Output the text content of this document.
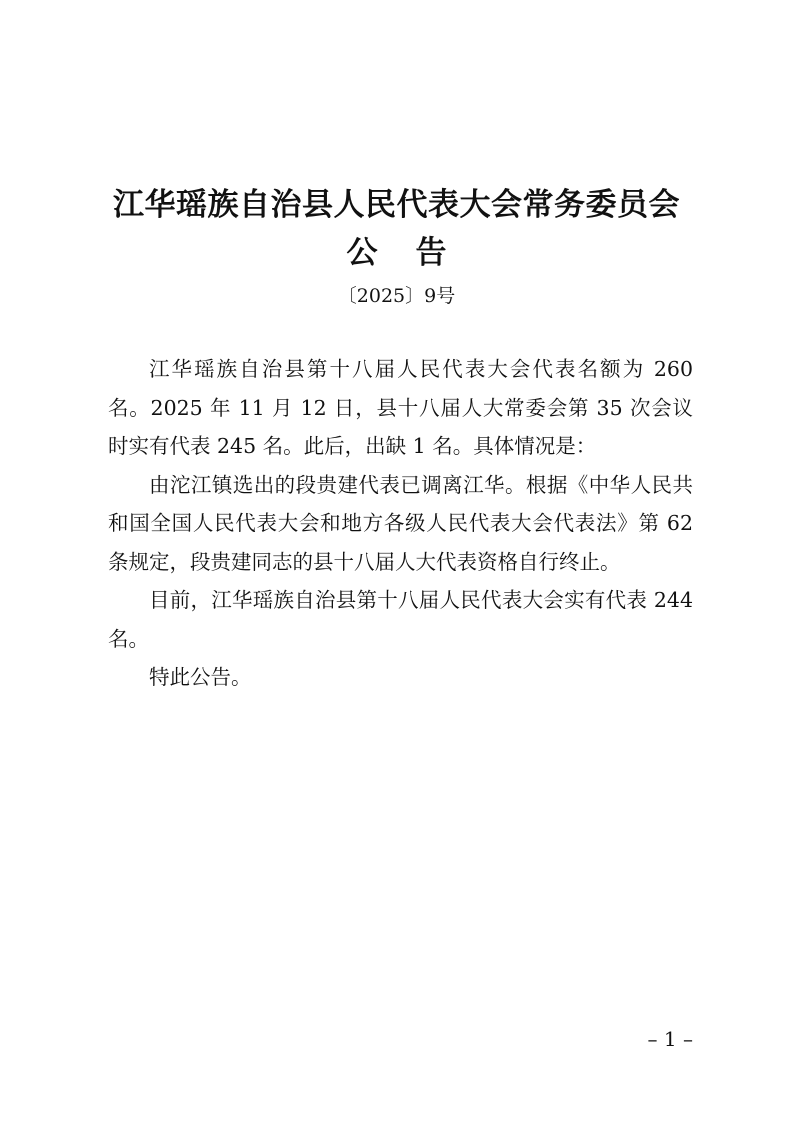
江华瑶族自治县人民代表大会常务委员会
公告
〔2025〕9号

江华瑶族自治县第十八届人民代表大会代表名额为 260 名。2025 年 11 月 12 日，县十八届人大常委会第 35 次会议时实有代表 245 名。此后，出缺 1 名。具体情况是：

由沱江镇选出的段贵建代表已调离江华。根据《中华人民共和国全国人民代表大会和地方各级人民代表大会代表法》第 62 条规定，段贵建同志的县十八届人大代表资格自行终止。

目前，江华瑶族自治县第十八届人民代表大会实有代表 244 名。

特此公告。

– 1 –
